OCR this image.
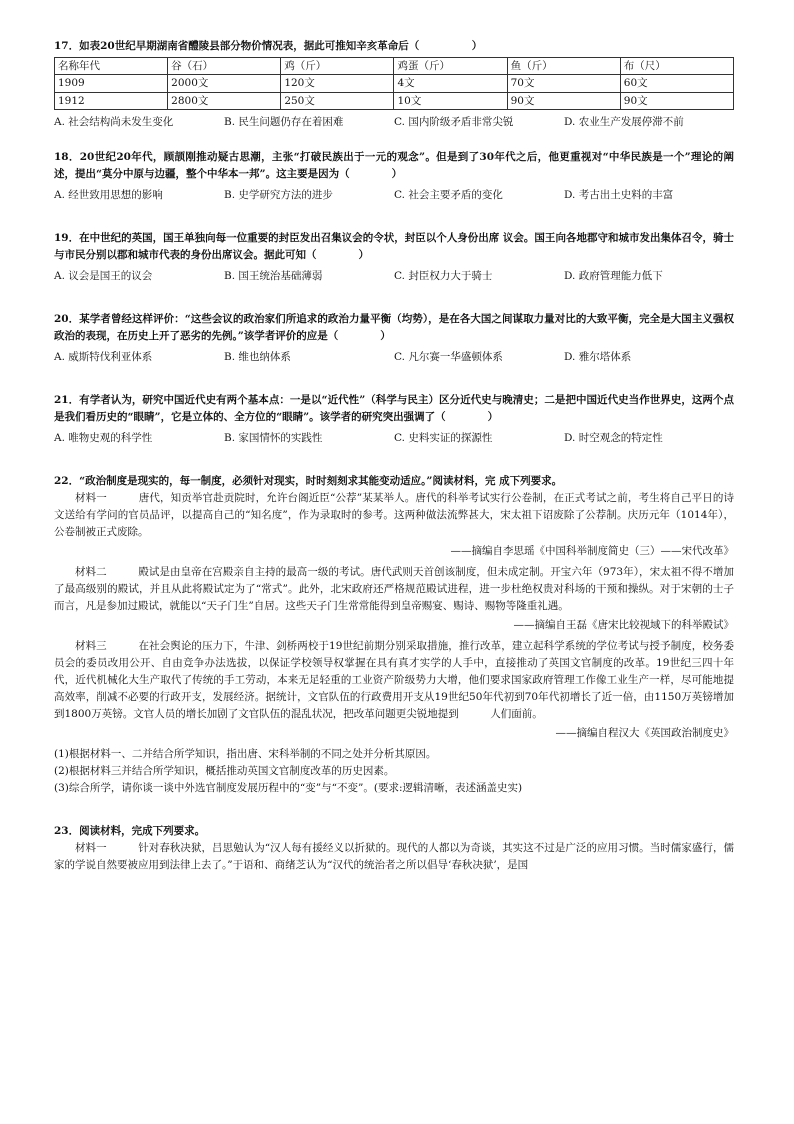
17．如表20世纪早期湖南省醴陵县部分物价情况表，据此可推知辛亥革命后（　　　　　）

名称年代	谷（石）	鸡（斤）	鸡蛋（斤）	鱼（斤）	布（尺）
1909	2000文	120文	4文	70文	60文
1912	2800文	250文	10文	90文	90文
A. 社会结构尚未发生变化	B. 民生问题仍存在着困难	C. 国内阶级矛盾非常尖锐	D. 农业生产发展停滞不前

18．20世纪20年代，顾颉刚推动疑古思潮，主张“打破民族出于一元的观念”。但是到了30年代之后，他更重视对“中华民族是一个”理论的阐述，提出“莫分中原与边疆，整个中华本一邦”。这主要是因为（　　　　）

A. 经世致用思想的影响	B. 史学研究方法的进步	C. 社会主要矛盾的变化	D. 考古出土史料的丰富

19．在中世纪的英国，国王单独向每一位重要的封臣发出召集议会的令状，封臣以个人身份出席 议会。国王向各地郡守和城市发出集体召令，骑士与市民分别以郡和城市代表的身份出席议会。据此可知（　　　　）

A. 议会是国王的议会	B. 国王统治基础薄弱	C. 封臣权力大于骑士	D. 政府管理能力低下

20．某学者曾经这样评价：“这些会议的政治家们所追求的政治力量平衡（均势），是在各大国之间谋取力量对比的大致平衡，完全是大国主义强权政治的表现，在历史上开了恶劣的先例。”该学者评价的应是（　　　　）

A. 威斯特伐利亚体系	B. 维也纳体系	C. 凡尔赛一华盛顿体系	D. 雅尔塔体系

21．有学者认为，研究中国近代史有两个基本点：一是以“近代性”（科学与民主）区分近代史与晚清史；二是把中国近代史当作世界史，这两个点是我们看历史的“眼睛”，它是立体的、全方位的“眼睛”。该学者的研究突出强调了（　　　　）

A. 唯物史观的科学性	B. 家国情怀的实践性	C. 史料实证的探源性	D. 时空观念的特定性

22．“政治制度是现实的，每一制度，必须针对现实，时时刻刻求其能变动适应。”阅读材料，完 成下列要求。

材料一　　　唐代，知贡举官赴贡院时，允许台阁近臣“公荐”某某举人。唐代的科举考试实行公卷制，在正式考试之前，考生将自己平日的诗文送给有学问的官员品评，以提高自己的“知名度”，作为录取时的参考。这两种做法流弊甚大，宋太祖下诏废除了公荐制。庆历元年（1014年），公卷制被正式废除。

——摘编自李思瑶《中国科举制度简史（三）——宋代改革》

材料二　　　殿试是由皇帝在宫殿亲自主持的最高一级的考试。唐代武则天首创该制度，但未成定制。开宝六年（973年），宋太祖不得不增加了最高级别的殿试，并且从此将殿试定为了“常式”。此外，北宋政府还严格规范殿试进程，进一步杜绝权贵对科场的干预和操纵。对于宋朝的士子而言，凡是参加过殿试，就能以“天子门生”自居。这些天子门生常常能得到皇帝赐宴、赐诗、赐物等隆重礼遇。

——摘编自王磊《唐宋比较视域下的科举殿试》

材料三　　　在社会舆论的压力下，牛津、剑桥两校于19世纪前期分别采取措施，推行改革，建立起科学系统的学位考试与授予制度，校务委员会的委员改用公开、自由竞争办法选拔，以保证学校领导权掌握在具有真才实学的人手中，直接推动了英国文官制度的改革。19世纪三四十年代，近代机械化大生产取代了传统的手工劳动，本来无足轻重的工业资产阶级势力大增，他们要求国家政府管理工作像工业生产一样，尽可能地提高效率，削减不必要的行政开支，发展经济。据统计，文官队伍的行政费用开支从19世纪50年代初到70年代初增长了近一倍，由1150万英镑增加到1800万英镑。文官人员的增长加剧了文官队伍的混乱状况，把改革问题更尖锐地提到　　　人们面前。

——摘编自程汉大《英国政治制度史》

(1)根据材料一、二并结合所学知识，指出唐、宋科举制的不同之处并分析其原因。

(2)根据材料三并结合所学知识，概括推动英国文官制度改革的历史因素。

(3)综合所学，请你谈一谈中外选官制度发展历程中的“变”与“不变”。(要求:逻辑清晰，表述涵盖史实)

23．阅读材料，完成下列要求。

材料一　　　针对春秋决狱，吕思勉认为“汉人每有援经义以折狱的。现代的人都以为奇谈，其实这不过是广泛的应用习惯。当时儒家盛行，儒家的学说自然要被应用到法律上去了。”于语和、商绪芝认为“汉代的统治者之所以倡导‘春秋决狱’，是国
